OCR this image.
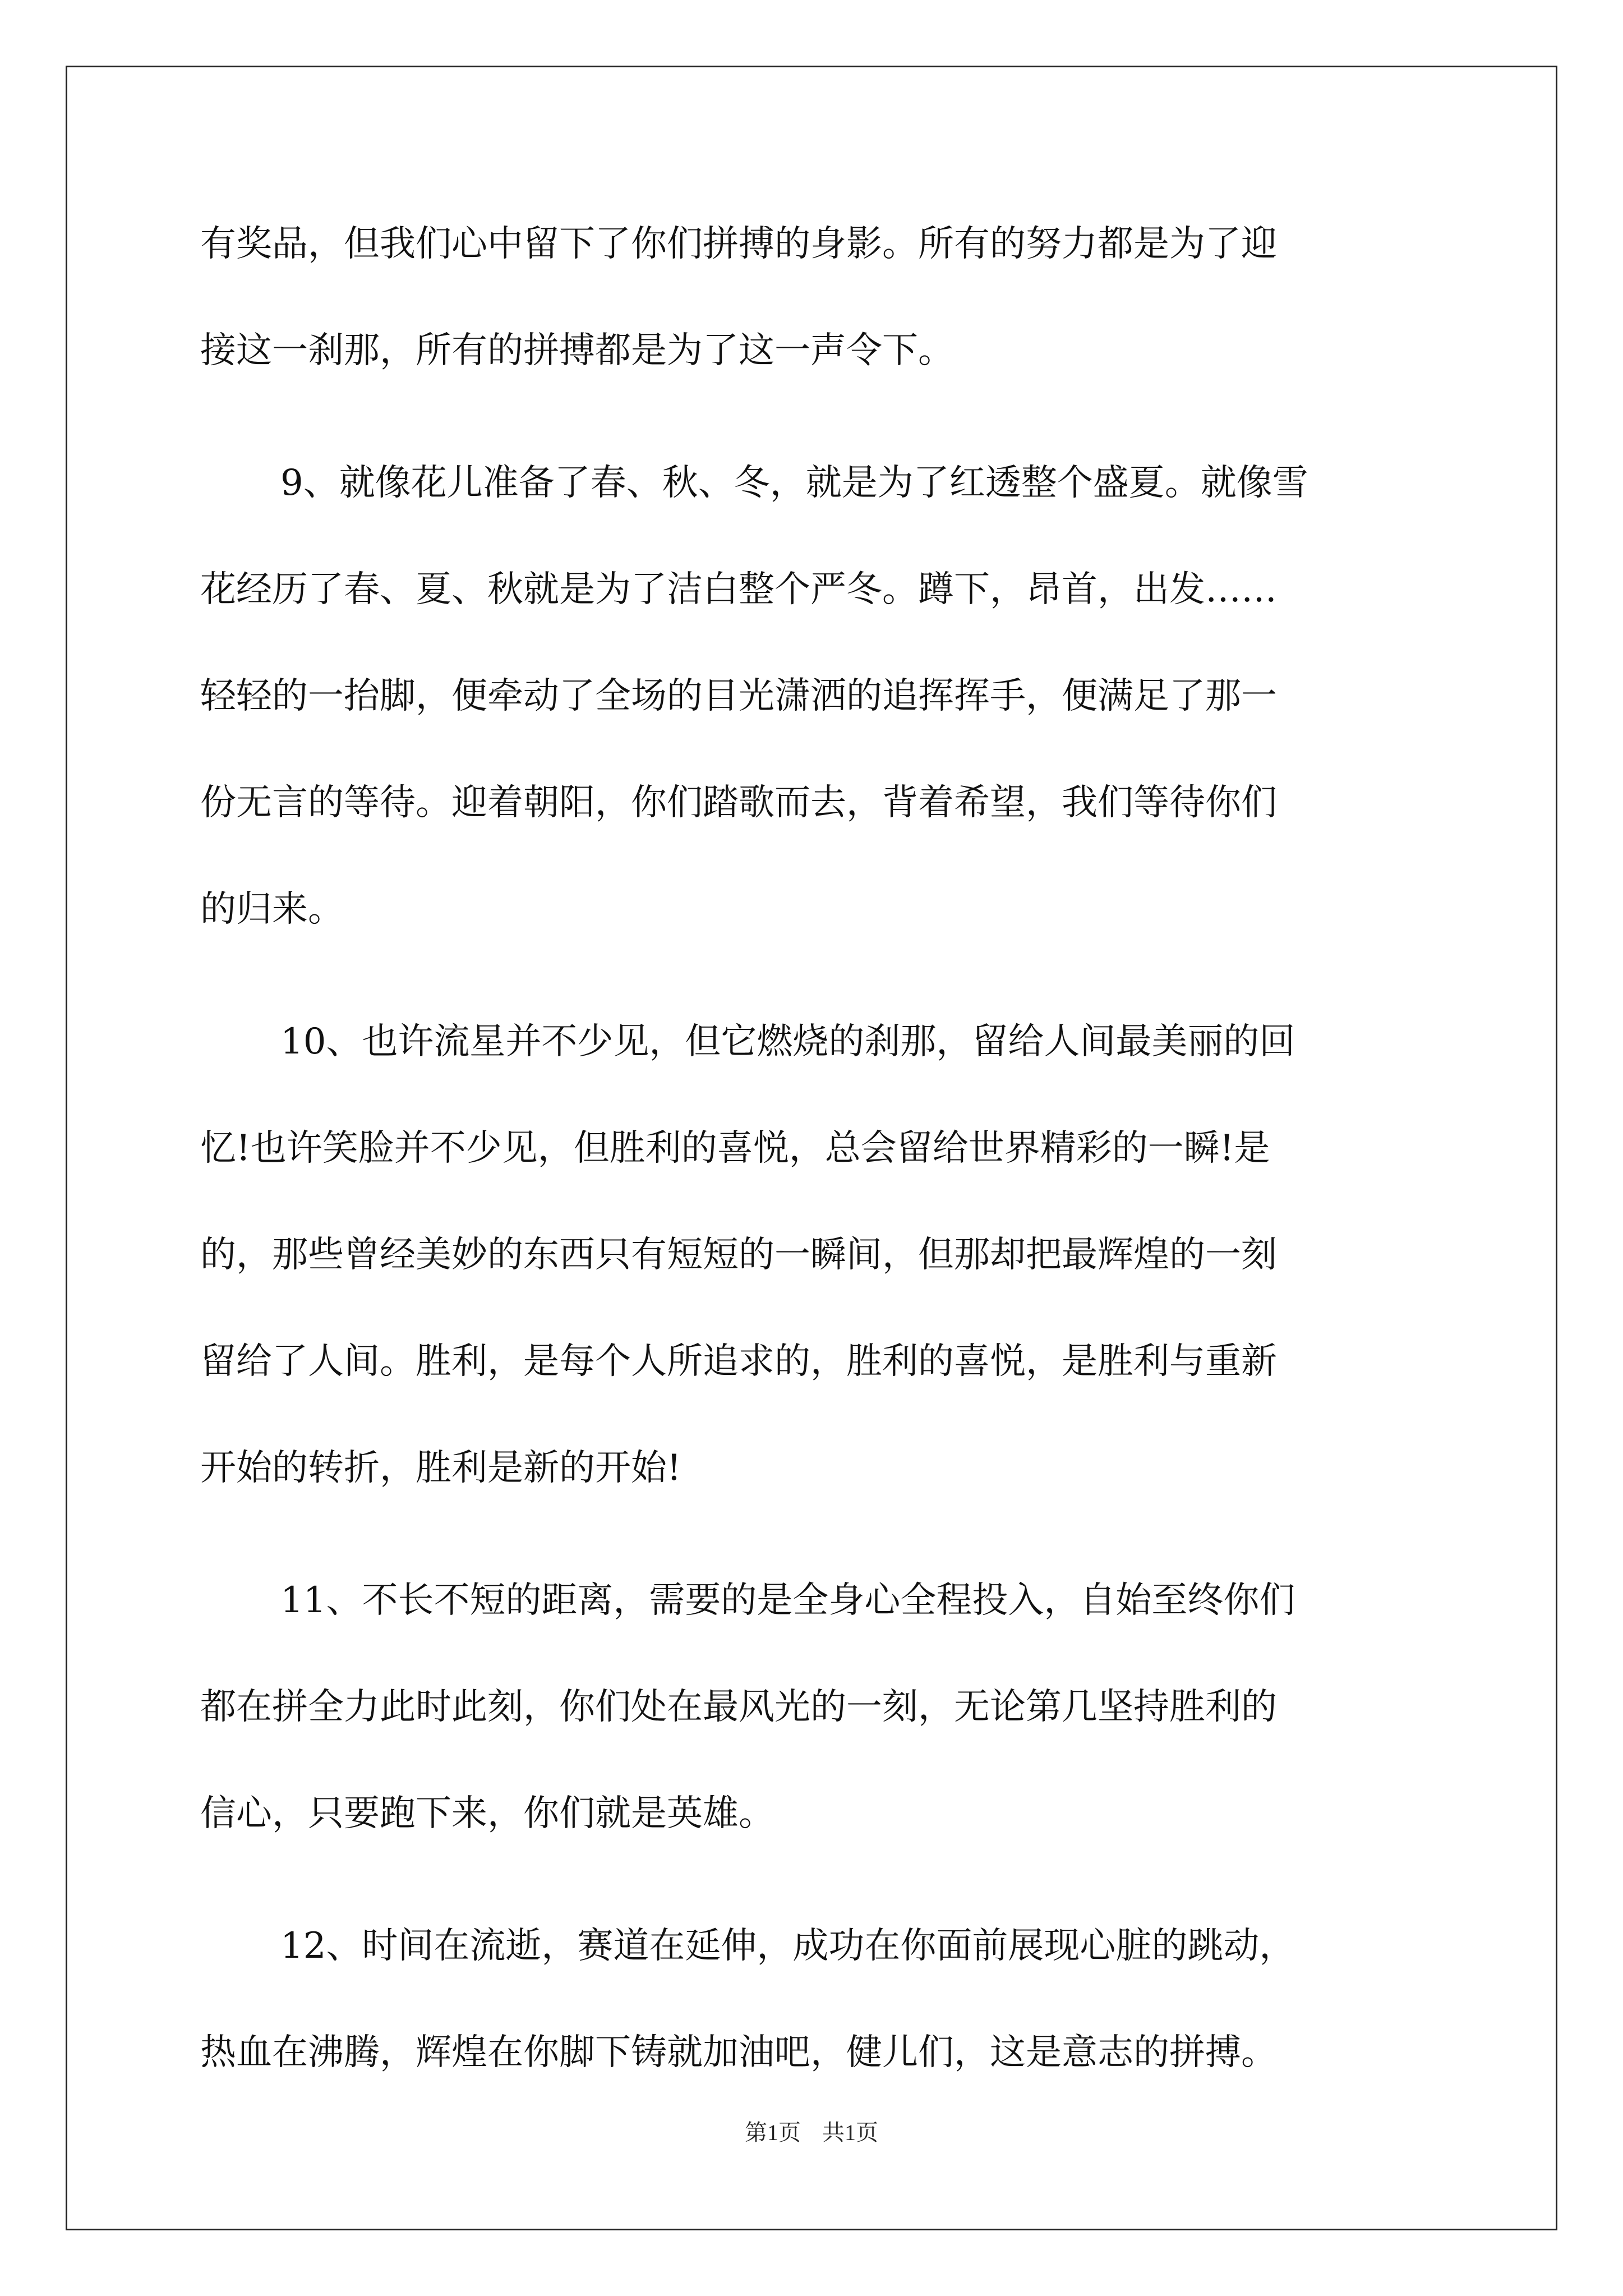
有奖品，但我们心中留下了你们拼搏的身影。所有的努力都是为了迎
接这一刹那，所有的拼搏都是为了这一声令下。
9、就像花儿准备了春、秋、冬，就是为了红透整个盛夏。就像雪
花经历了春、夏、秋就是为了洁白整个严冬。蹲下，昂首，出发……
轻轻的一抬脚，便牵动了全场的目光潇洒的追挥挥手，便满足了那一
份无言的等待。迎着朝阳，你们踏歌而去，背着希望，我们等待你们
的归来。
10、也许流星并不少见，但它燃烧的刹那，留给人间最美丽的回
忆!也许笑脸并不少见，但胜利的喜悦，总会留给世界精彩的一瞬!是
的，那些曾经美妙的东西只有短短的一瞬间，但那却把最辉煌的一刻
留给了人间。胜利，是每个人所追求的，胜利的喜悦，是胜利与重新
开始的转折，胜利是新的开始!
11、不长不短的距离，需要的是全身心全程投入，自始至终你们
都在拼全力此时此刻，你们处在最风光的一刻，无论第几坚持胜利的
信心，只要跑下来，你们就是英雄。
12、时间在流逝，赛道在延伸，成功在你面前展现心脏的跳动，
热血在沸腾，辉煌在你脚下铸就加油吧，健儿们，这是意志的拼搏。
第1页 共1页
